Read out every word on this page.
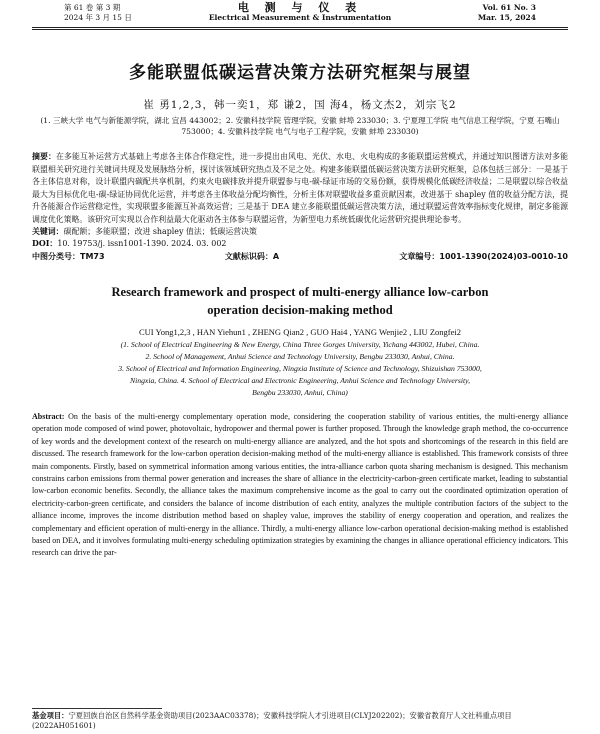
第 61 卷 第 3 期
2024 年 3 月 15 日
电 测 与 仪 表
Electrical Measurement & Instrumentation
Vol. 61 No. 3
Mar. 15, 2024
多能联盟低碳运营决策方法研究框架与展望
崔 勇1,2,3，韩一奕1，郑 谦2，国 海4，杨文杰2，刘宗飞2
(1. 三峡大学 电气与新能源学院，湖北 宜昌 443002；2. 安徽科技学院 管理学院，安徽 蚌埠 233030；3. 宁夏理工学院 电气信息工程学院，宁夏 石嘴山 753000；4. 安徽科技学院 电气与电子工程学院，安徽 蚌埠 233030)
摘要：在多能互补运营方式基础上考虑各主体合作稳定性，进一步提出由风电、光伏、水电、火电构成的多能联盟运营模式，并通过知识图谱方法对多能联盟相关研究进行关键词共现及发展脉络分析，探讨该领域研究热点及不足之处。构建多能联盟低碳运营决策方法研究框架，总体包括三部分：一是基于各主体信息对称，设计联盟内碳配共享机制，约束火电碳排放并提升联盟参与电-碳-绿证市场的交易份额，获得规模化低碳经济收益；二是联盟以综合收益最大为目标优化电-碳-绿证协同优化运营，并考虑各主体收益分配均衡性，分析主体对联盟收益多重贡献因素，改进基于 shapley 值的收益分配方法，提升各能源合作运营稳定性，实现联盟多能源互补高效运营；三是基于 DEA 建立多能联盟低碳运营决策方法，通过联盟运营效率指标变化规律，制定多能源调度优化策略。该研究可实现以合作利益最大化驱动各主体参与联盟运营，为新型电力系统低碳优化运营研究提供理论参考。
关键词：碳配额；多能联盟；改进 shapley 值法；低碳运营决策
DOI：10. 19753/j. issn1001-1390. 2024. 03. 002
中图分类号：TM73	文献标识码：A	文章编号：1001-1390(2024)03-0010-10
Research framework and prospect of multi-energy alliance low-carbon
operation decision-making method
CUI Yong1,2,3 , HAN Yiehun1 , ZHENG Qian2 , GUO Hai4 , YANG Wenjie2 , LIU Zongfei2
(1. School of Electrical Engineering & New Energy, China Three Gorges University, Yichang 443002, Hubei, China.
2. School of Management, Anhui Science and Technology University, Bengbu 233030, Anhui, China.
3. School of Electrical and Information Engineering, Ningxia Institute of Science and Technology, Shizuishan 753000,
Ningxia, China. 4. School of Electrical and Electronic Engineering, Anhui Science and Technology University,
Bengbu 233030, Anhui, China)
Abstract: On the basis of the multi-energy complementary operation mode, considering the cooperation stability of various entities, the multi-energy alliance operation mode composed of wind power, photovoltaic, hydropower and thermal power is further proposed. Through the knowledge graph method, the co-occurrence of key words and the development context of the research on multi-energy alliance are analyzed, and the hot spots and shortcomings of the research in this field are discussed. The research framework for the low-carbon operation decision-making method of the multi-energy alliance is established. This framework consists of three main components. Firstly, based on symmetrical information among various entities, the intra-alliance carbon quota sharing mechanism is designed. This mechanism constrains carbon emissions from thermal power generation and increases the share of alliance in the electricity-carbon-green certificate market, leading to substantial low-carbon economic benefits. Secondly, the alliance takes the maximum comprehensive income as the goal to carry out the coordinated optimization operation of electricity-carbon-green certificate, and considers the balance of income distribution of each entity, analyzes the multiple contribution factors of the subject to the alliance income, improves the income distribution method based on shapley value, improves the stability of energy cooperation and operation, and realizes the complementary and efficient operation of multi-energy in the alliance. Thirdly, a multi-energy alliance low-carbon operational decision-making method is established based on DEA, and it involves formulating multi-energy scheduling optimization strategies by examining the changes in alliance operational efficiency indicators. This research can drive the par-
基金项目：宁夏回族自治区自然科学基金资助项目(2023AAC03378)；安徽科技学院人才引进项目(CLYJ202202)；安徽省教育厅人文社科重点项目(2022AH051601)
